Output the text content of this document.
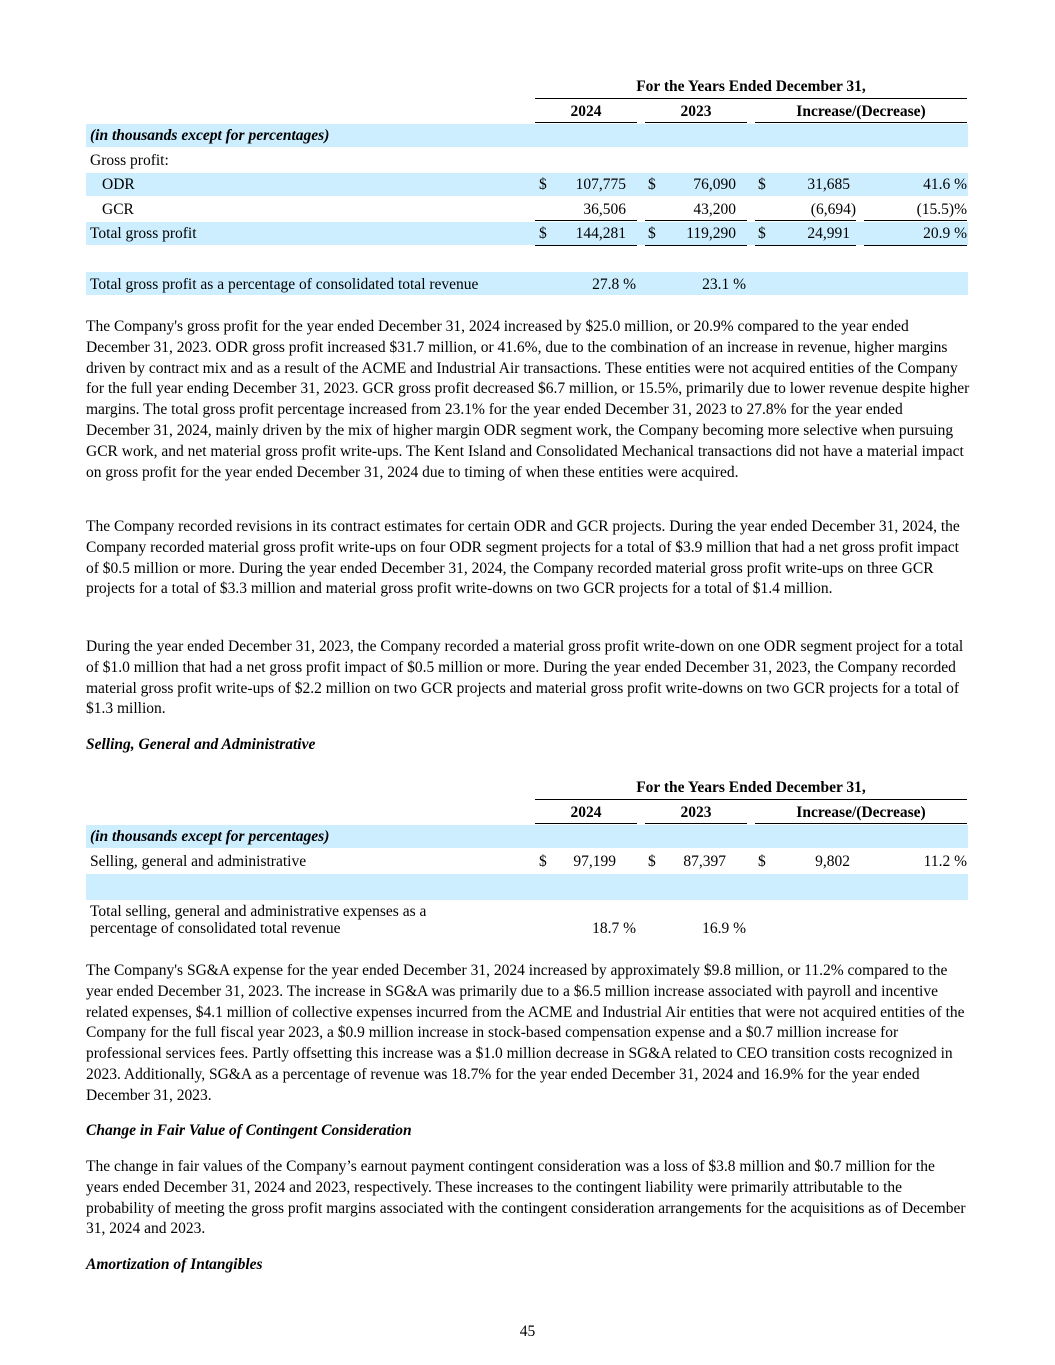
For the Years Ended December 31,
2024	2023	Increase/(Decrease)
(in thousands except for percentages)
Gross profit:
ODR	$	107,775 $	76,090 $	31,685	41.6 %
GCR	36,506	43,200	(6,694)	(15.5)%
Total gross profit	$	144,281 $	119,290 $	24,991	20.9 %
Total gross profit as a percentage of consolidated total revenue	27.8 %	23.1 %

The Company's gross profit for the year ended December 31, 2024 increased by $25.0 million, or 20.9% compared to the year ended December 31, 2023. ODR gross profit increased $31.7 million, or 41.6%, due to the combination of an increase in revenue, higher margins driven by contract mix and as a result of the ACME and Industrial Air transactions. These entities were not acquired entities of the Company for the full year ending December 31, 2023. GCR gross profit decreased $6.7 million, or 15.5%, primarily due to lower revenue despite higher margins. The total gross profit percentage increased from 23.1% for the year ended December 31, 2023 to 27.8% for the year ended December 31, 2024, mainly driven by the mix of higher margin ODR segment work, the Company becoming more selective when pursuing GCR work, and net material gross profit write-ups. The Kent Island and Consolidated Mechanical transactions did not have a material impact on gross profit for the year ended December 31, 2024 due to timing of when these entities were acquired.

The Company recorded revisions in its contract estimates for certain ODR and GCR projects. During the year ended December 31, 2024, the Company recorded material gross profit write-ups on four ODR segment projects for a total of $3.9 million that had a net gross profit impact of $0.5 million or more. During the year ended December 31, 2024, the Company recorded material gross profit write-ups on three GCR projects for a total of $3.3 million and material gross profit write-downs on two GCR projects for a total of $1.4 million.

During the year ended December 31, 2023, the Company recorded a material gross profit write-down on one ODR segment project for a total of $1.0 million that had a net gross profit impact of $0.5 million or more. During the year ended December 31, 2023, the Company recorded material gross profit write-ups of $2.2 million on two GCR projects and material gross profit write-downs on two GCR projects for a total of $1.3 million.

Selling, General and Administrative
For the Years Ended December 31,
2024	2023	Increase/(Decrease)
(in thousands except for percentages)
Selling, general and administrative	$	97,199 $	87,397 $	9,802	11.2 %
Total selling, general and administrative expenses as a
percentage of consolidated total revenue	18.7 %	16.9 %

The Company's SG&A expense for the year ended December 31, 2024 increased by approximately $9.8 million, or 11.2% compared to the year ended December 31, 2023. The increase in SG&A was primarily due to a $6.5 million increase associated with payroll and incentive related expenses, $4.1 million of collective expenses incurred from the ACME and Industrial Air entities that were not acquired entities of the Company for the full fiscal year 2023, a $0.9 million increase in stock-based compensation expense and a $0.7 million increase for professional services fees. Partly offsetting this increase was a $1.0 million decrease in SG&A related to CEO transition costs recognized in 2023. Additionally, SG&A as a percentage of revenue was 18.7% for the year ended December 31, 2024 and 16.9% for the year ended December 31, 2023.

Change in Fair Value of Contingent Consideration

The change in fair values of the Company’s earnout payment contingent consideration was a loss of $3.8 million and $0.7 million for the years ended December 31, 2024 and 2023, respectively. These increases to the contingent liability were primarily attributable to the probability of meeting the gross profit margins associated with the contingent consideration arrangements for the acquisitions as of December 31, 2024 and 2023.

Amortization of Intangibles
45
